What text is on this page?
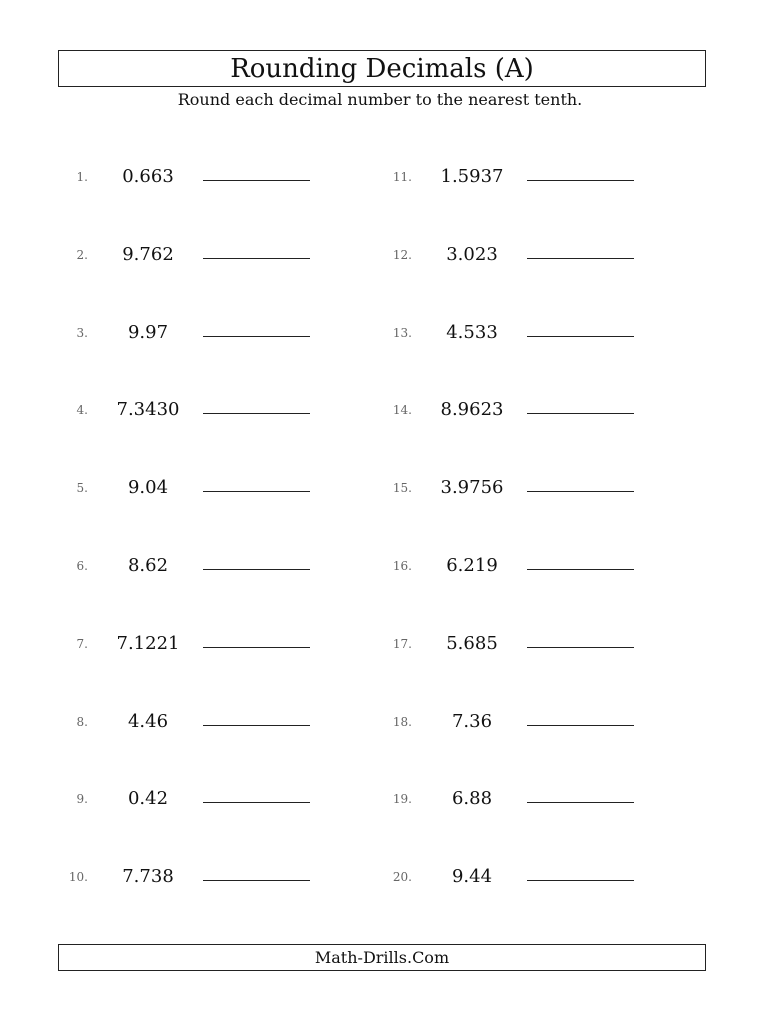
Rounding Decimals (A)
Round each decimal number to the nearest tenth.
1.	0.663
2.	9.762
3.	9.97
4.	7.3430
5.	9.04
6.	8.62
7.	7.1221
8.	4.46
9.	0.42
10.	7.738
11.	1.5937
12.	3.023
13.	4.533
14.	8.9623
15.	3.9756
16.	6.219
17.	5.685
18.	7.36
19.	6.88
20.	9.44
Math-Drills.Com
